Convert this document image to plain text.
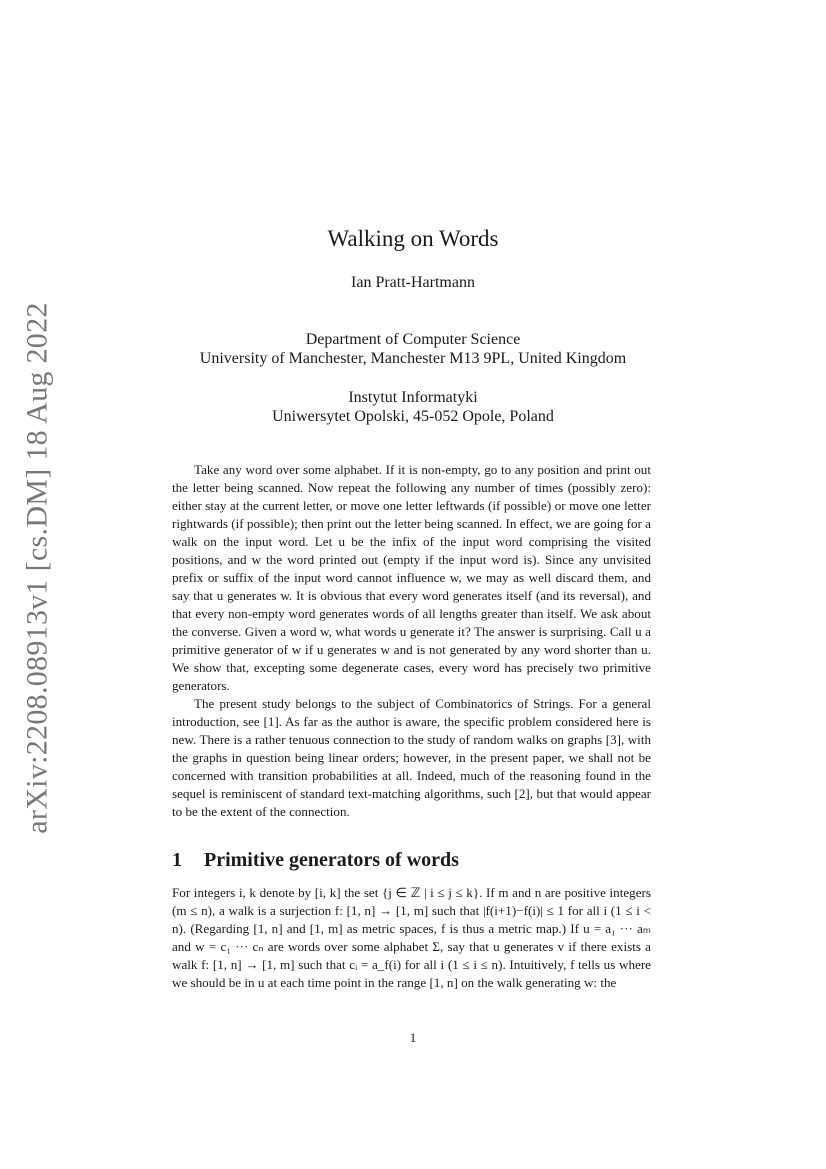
arXiv:2208.08913v1 [cs.DM] 18 Aug 2022
Walking on Words
Ian Pratt-Hartmann
Department of Computer Science
University of Manchester, Manchester M13 9PL, United Kingdom
Instytut Informatyki
Uniwersytet Opolski, 45-052 Opole, Poland

Take any word over some alphabet. If it is non-empty, go to any position and print out the letter being scanned. Now repeat the following any number of times (possibly zero): either stay at the current letter, or move one letter leftwards (if possible) or move one letter rightwards (if possible); then print out the letter being scanned. In effect, we are going for a walk on the input word. Let u be the infix of the input word comprising the visited positions, and w the word printed out (empty if the input word is). Since any unvisited prefix or suffix of the input word cannot influence w, we may as well discard them, and say that u generates w. It is obvious that every word generates itself (and its reversal), and that every non-empty word generates words of all lengths greater than itself. We ask about the converse. Given a word w, what words u generate it? The answer is surprising. Call u a primitive generator of w if u generates w and is not generated by any word shorter than u. We show that, excepting some degenerate cases, every word has precisely two primitive generators.

The present study belongs to the subject of Combinatorics of Strings. For a general introduction, see [1]. As far as the author is aware, the specific problem considered here is new. There is a rather tenuous connection to the study of random walks on graphs [3], with the graphs in question being linear orders; however, in the present paper, we shall not be concerned with transition probabilities at all. Indeed, much of the reasoning found in the sequel is reminiscent of standard text-matching algorithms, such [2], but that would appear to be the extent of the connection.

1 Primitive generators of words

For integers i, k denote by [i, k] the set {j ∈ ℤ | i ≤ j ≤ k}. If m and n are positive integers (m ≤ n), a walk is a surjection f: [1, n] → [1, m] such that |f(i+1)−f(i)| ≤ 1 for all i (1 ≤ i < n). (Regarding [1, n] and [1, m] as metric spaces, f is thus a metric map.) If u = a₁ ··· aₘ and w = c₁ ··· cₙ are words over some alphabet Σ, say that u generates v if there exists a walk f: [1, n] → [1, m] such that cᵢ = a_f(i) for all i (1 ≤ i ≤ n). Intuitively, f tells us where we should be in u at each time point in the range [1, n] on the walk generating w: the

1
